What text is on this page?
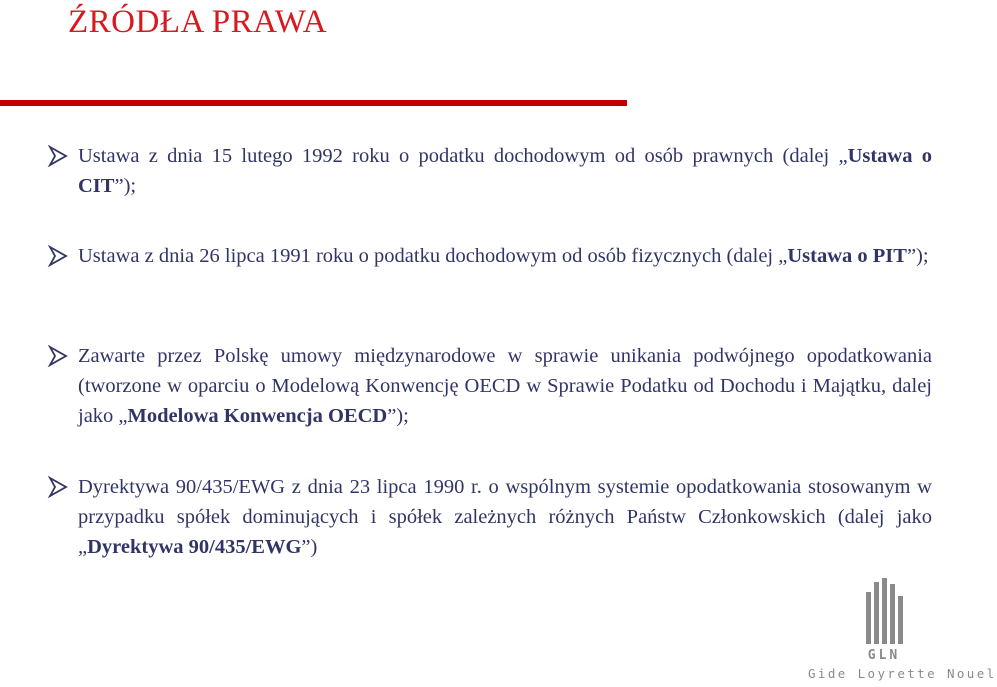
ŹRÓDŁA PRAWA

Ustawa z dnia 15 lutego 1992 roku o podatku dochodowym od osób prawnych (dalej „Ustawa o CIT”);

Ustawa z dnia 26 lipca 1991 roku o podatku dochodowym od osób fizycznych (dalej „Ustawa o PIT”);

Zawarte przez Polskę umowy międzynarodowe w sprawie unikania podwójnego opodatkowania (tworzone w oparciu o Modelową Konwencję OECD w Sprawie Podatku od Dochodu i Majątku, dalej jako „Modelowa Konwencja OECD”);

Dyrektywa 90/435/EWG z dnia 23 lipca 1990 r. o wspólnym systemie opodatkowania stosowanym w przypadku spółek dominujących i spółek zależnych różnych Państw Członkowskich (dalej jako „Dyrektywa 90/435/EWG”)

GLN
Gide Loyrette Nouel
